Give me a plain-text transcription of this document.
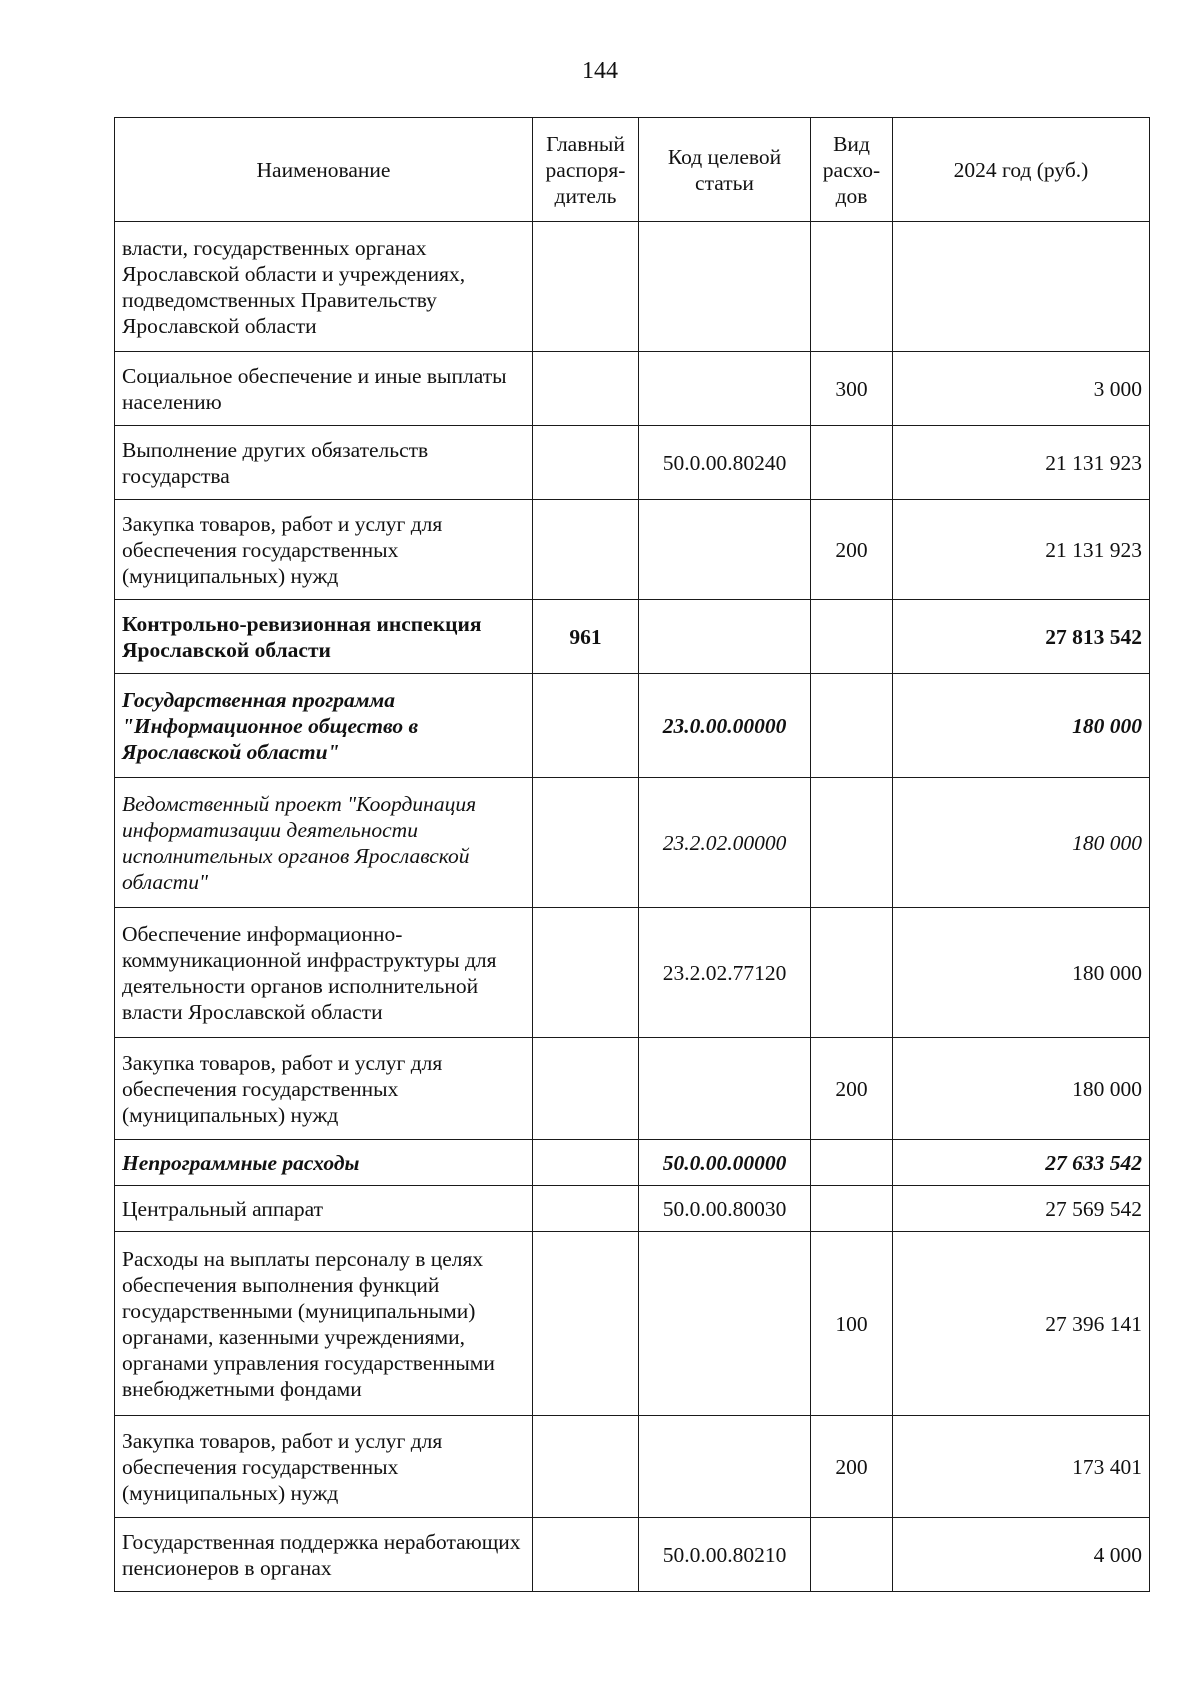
144
Наименование	Главный распоря-дитель	Код целевой статьи	Вид расхо-дов	2024 год (руб.)
власти, государственных органах Ярославской области и учреждениях, подведомственных Правительству Ярославской области				
Социальное обеспечение и иные выплаты населению			300	3 000
Выполнение других обязательств государства		50.0.00.80240		21 131 923
Закупка товаров, работ и услуг для обеспечения государственных (муниципальных) нужд			200	21 131 923
Контрольно-ревизионная инспекция Ярославской области	961			27 813 542
Государственная программа "Информационное общество в Ярославской области"		23.0.00.00000		180 000
Ведомственный проект "Координация информатизации деятельности исполнительных органов Ярославской области"		23.2.02.00000		180 000
Обеспечение информационно-коммуникационной инфраструктуры для деятельности органов исполнительной власти Ярославской области		23.2.02.77120		180 000
Закупка товаров, работ и услуг для обеспечения государственных (муниципальных) нужд			200	180 000
Непрограммные расходы		50.0.00.00000		27 633 542
Центральный аппарат		50.0.00.80030		27 569 542
Расходы на выплаты персоналу в целях обеспечения выполнения функций государственными (муниципальными) органами, казенными учреждениями, органами управления государственными внебюджетными фондами			100	27 396 141
Закупка товаров, работ и услуг для обеспечения государственных (муниципальных) нужд			200	173 401
Государственная поддержка неработающих пенсионеров в органах		50.0.00.80210		4 000
